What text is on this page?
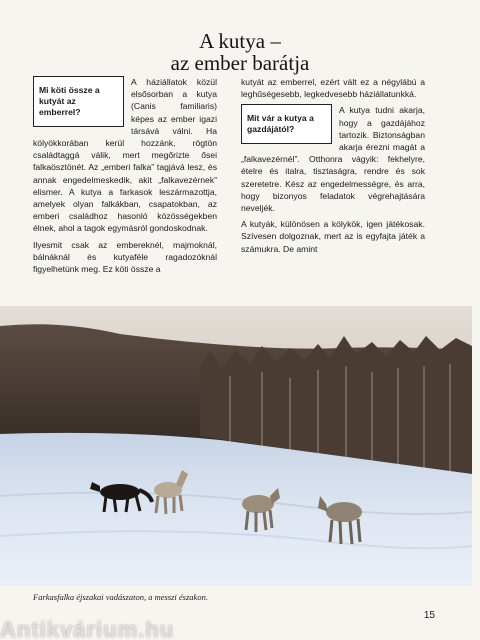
A kutya –
az ember barátja

Mi köti össze a kutyát az emberrel?
A háziállatok közül elsősorban a kutya (Canis familiaris) képes az ember igazi társává válni. Ha kölyökkorában kerül hozzánk, rögtön családtaggá válik, mert megőrizte ősei falkaösztönét. Az „emberi falka” tagjává lesz, és annak engedelmeskedik, akit „falkavezérnek” elismer. A kutya a farkasok leszármazottja, amelyek olyan falkákban, csapatokban, az emberi családhoz hasonló közösségekben élnek, ahol a tagok egymásról gondoskodnak.

Ilyesmit csak az embereknél, majmoknál, bálnáknál és kutyaféle ragadozóknál figyelhetünk meg. Ez köti össze a

kutyát az emberrel, ezért vált ez a négylábú a leghűségesebb, legkedvesebb háziállatunkká.

Mit vár a kutya a gazdájától?
A kutya tudni akarja, hogy a gazdájához tartozik. Biztonságban akarja érezni magát a „falkavezérnél”. Otthonra vágyik: fekhelyre, ételre és italra, tisztaságra, rendre és sok szeretetre. Kész az engedelmességre, és arra, hogy bizonyos feladatok végrehajtására neveljék.

A kutyák, különösen a kölykök, igen játékosak. Szívesen dolgoznak, mert az is egyfajta játék a számukra. De amint

Farkasfalka éjszakai vadászaton, a messzi északon.
15
Antikvárium.hu
